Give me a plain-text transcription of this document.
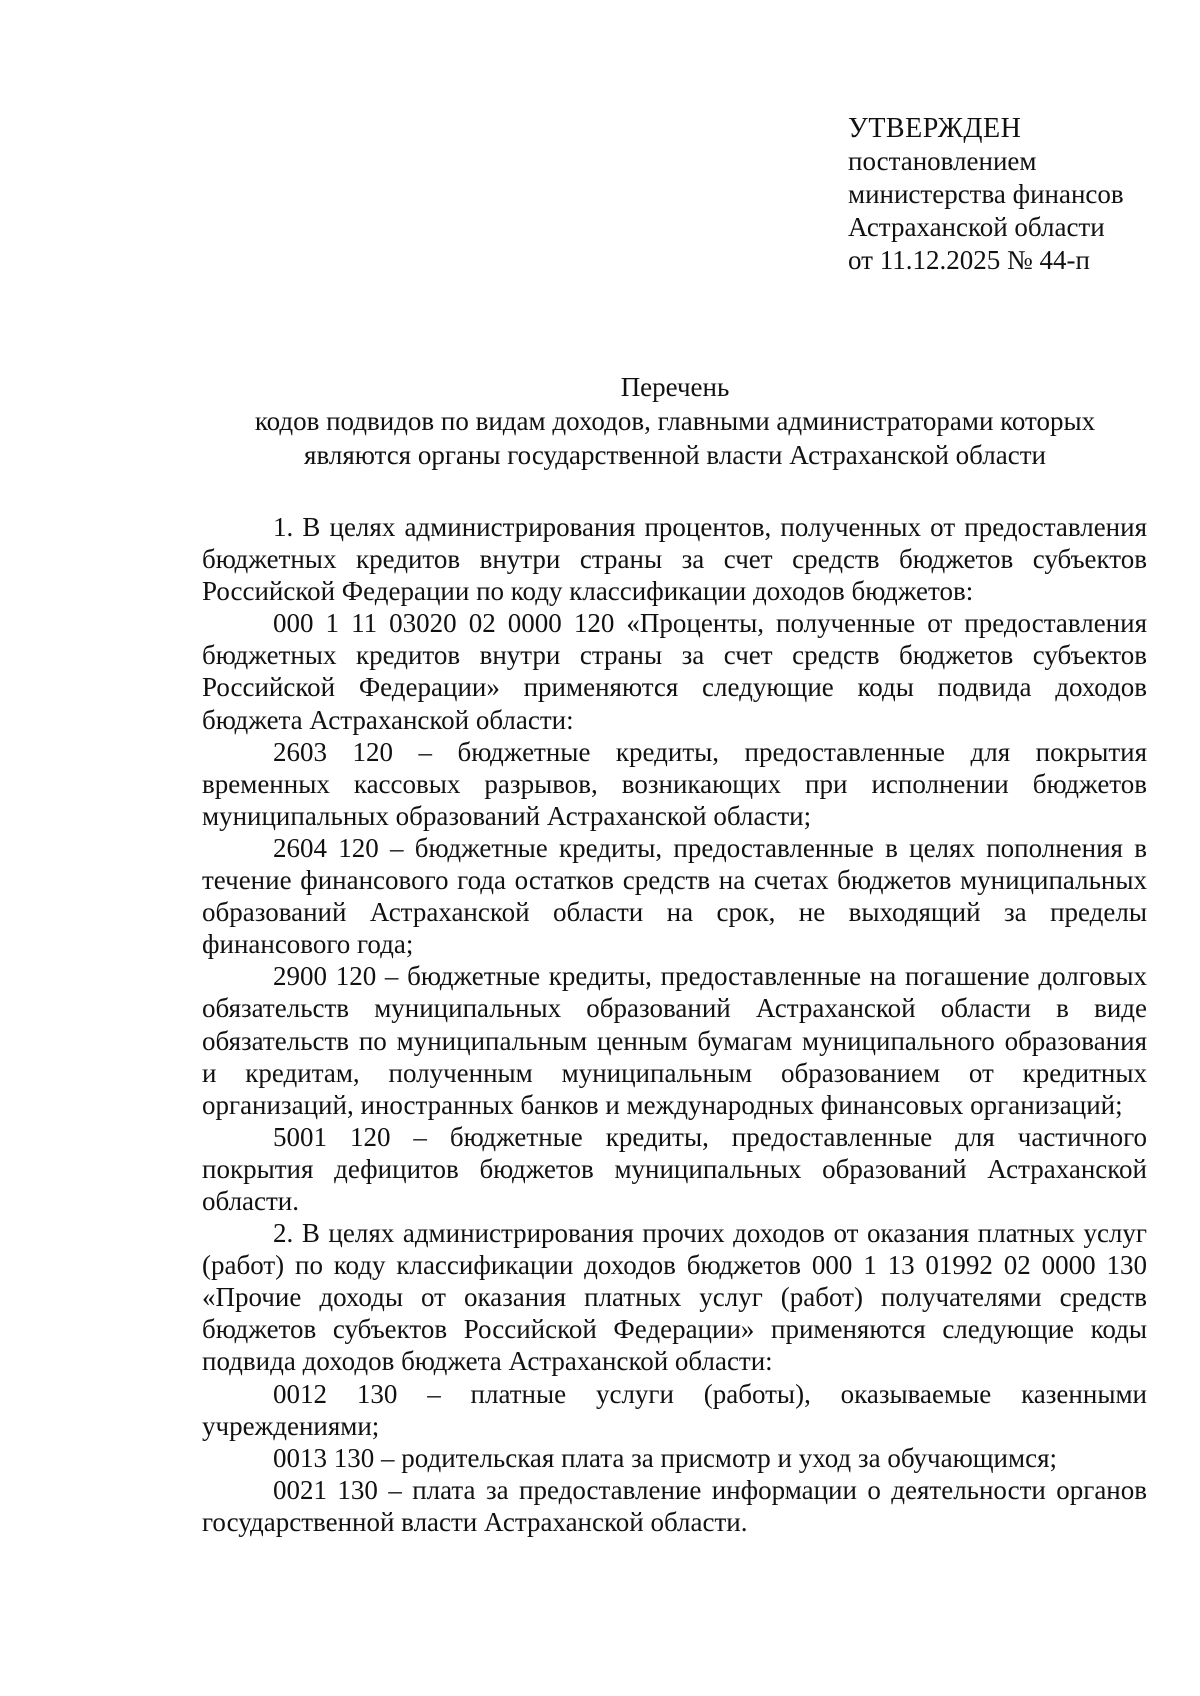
УТВЕРЖДЕН
постановлением
министерства финансов
Астраханской области
от 11.12.2025 № 44-п
Перечень
кодов подвидов по видам доходов, главными администраторами которых
являются органы государственной власти Астраханской области

1. В целях администрирования процентов, полученных от предоставления бюджетных кредитов внутри страны за счет средств бюджетов субъектов Российской Федерации по коду классификации доходов бюджетов:

000 1 11 03020 02 0000 120 «Проценты, полученные от предоставления бюджетных кредитов внутри страны за счет средств бюджетов субъектов Российской Федерации» применяются следующие коды подвида доходов бюджета Астраханской области:

2603 120 – бюджетные кредиты, предоставленные для покрытия временных кассовых разрывов, возникающих при исполнении бюджетов муниципальных образований Астраханской области;

2604 120 – бюджетные кредиты, предоставленные в целях пополнения в течение финансового года остатков средств на счетах бюджетов муниципальных образований Астраханской области на срок, не выходящий за пределы финансового года;

2900 120 – бюджетные кредиты, предоставленные на погашение долговых обязательств муниципальных образований Астраханской области в виде обязательств по муниципальным ценным бумагам муниципального образования и кредитам, полученным муниципальным образованием от кредитных организаций, иностранных банков и международных финансовых организаций;

5001 120 – бюджетные кредиты, предоставленные для частичного покрытия дефицитов бюджетов муниципальных образований Астраханской области.

2. В целях администрирования прочих доходов от оказания платных услуг (работ) по коду классификации доходов бюджетов 000 1 13 01992 02 0000 130 «Прочие доходы от оказания платных услуг (работ) получателями средств бюджетов субъектов Российской Федерации» применяются следующие коды подвида доходов бюджета Астраханской области:

0012 130 – платные услуги (работы), оказываемые казенными учреждениями;

0013 130 – родительская плата за присмотр и уход за обучающимся;

0021 130 – плата за предоставление информации о деятельности органов государственной власти Астраханской области.
